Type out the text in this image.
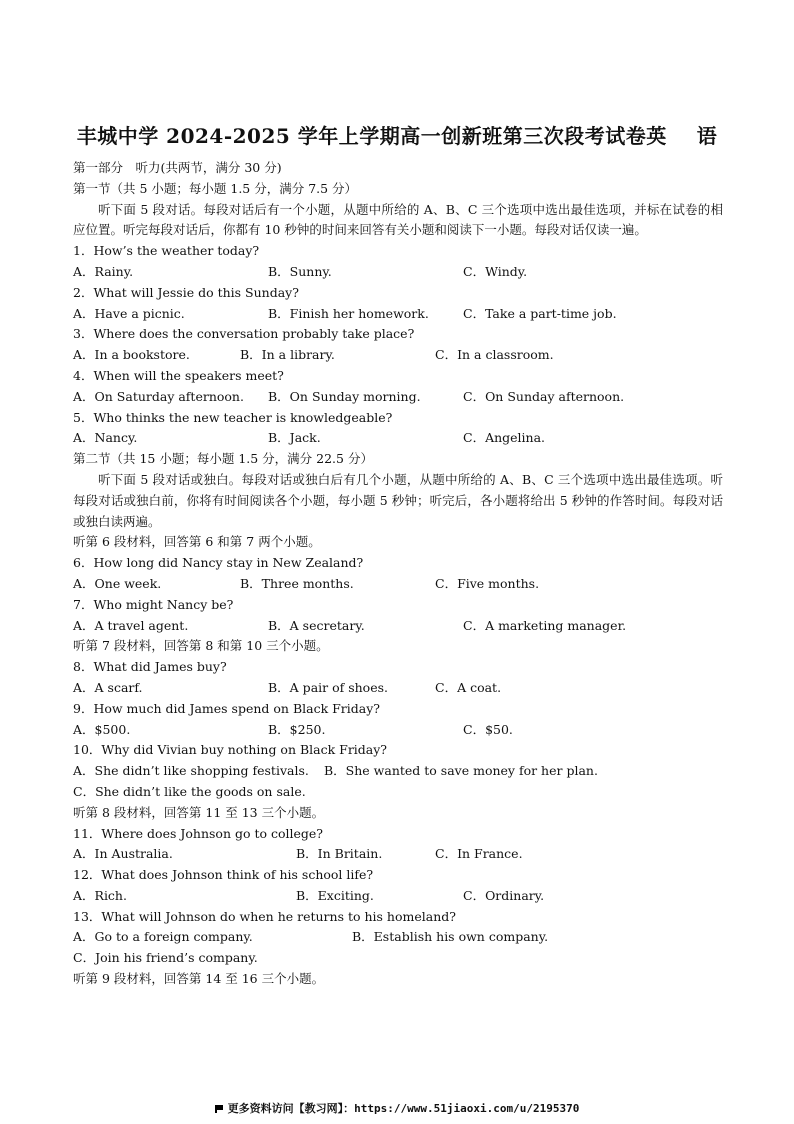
丰城中学 2024-2025 学年上学期高一创新班第三次段考试卷英 语
第一部分　听力(共两节，满分 30 分)
第一节（共 5 小题；每小题 1.5 分，满分 7.5 分）
听下面 5 段对话。每段对话后有一个小题，从题中所给的 A、B、C 三个选项中选出最佳选项，并标在试卷的相应位置。听完每段对话后，你都有 10 秒钟的时间来回答有关小题和阅读下一小题。每段对话仅读一遍。
1．How’s the weather today?
A．Rainy.	B．Sunny.	C．Windy.
2．What will Jessie do this Sunday?
A．Have a picnic.	B．Finish her homework.	C．Take a part-time job.
3．Where does the conversation probably take place?
A．In a bookstore.	B．In a library.	C．In a classroom.
4．When will the speakers meet?
A．On Saturday afternoon. B．On Sunday morning.	C．On Sunday afternoon.
5．Who thinks the new teacher is knowledgeable?
A．Nancy.	B．Jack.	C．Angelina.
第二节（共 15 小题；每小题 1.5 分，满分 22.5 分）
听下面 5 段对话或独白。每段对话或独白后有几个小题，从题中所给的 A、B、C 三个选项中选出最佳选项。听每段对话或独白前，你将有时间阅读各个小题，每小题 5 秒钟；听完后，各小题将给出 5 秒钟的作答时间。每段对话或独白读两遍。
听第 6 段材料，回答第 6 和第 7 两个小题。
6．How long did Nancy stay in New Zealand?
A．One week.	B．Three months.	C．Five months.
7．Who might Nancy be?
A．A travel agent.	B．A secretary.	C．A marketing manager.
听第 7 段材料，回答第 8 和第 10 三个小题。
8．What did James buy?
A．A scarf.	B．A pair of shoes.	C．A coat.
9．How much did James spend on Black Friday?
A．$500.	B．$250.	C．$50.
10．Why did Vivian buy nothing on Black Friday?
A．She didn’t like shopping festivals. B．She wanted to save money for her plan.
C．She didn’t like the goods on sale.
听第 8 段材料，回答第 11 至 13 三个小题。
11．Where does Johnson go to college?
A．In Australia.	B．In Britain.	C．In France.
12．What does Johnson think of his school life?
A．Rich.	B．Exciting.	C．Ordinary.
13．What will Johnson do when he returns to his homeland?
A．Go to a foreign company.	B．Establish his own company.
C．Join his friend’s company.
听第 9 段材料，回答第 14 至 16 三个小题。
更多资料访问【教习网】：https://www.51jiaoxi.com/u/2195370
